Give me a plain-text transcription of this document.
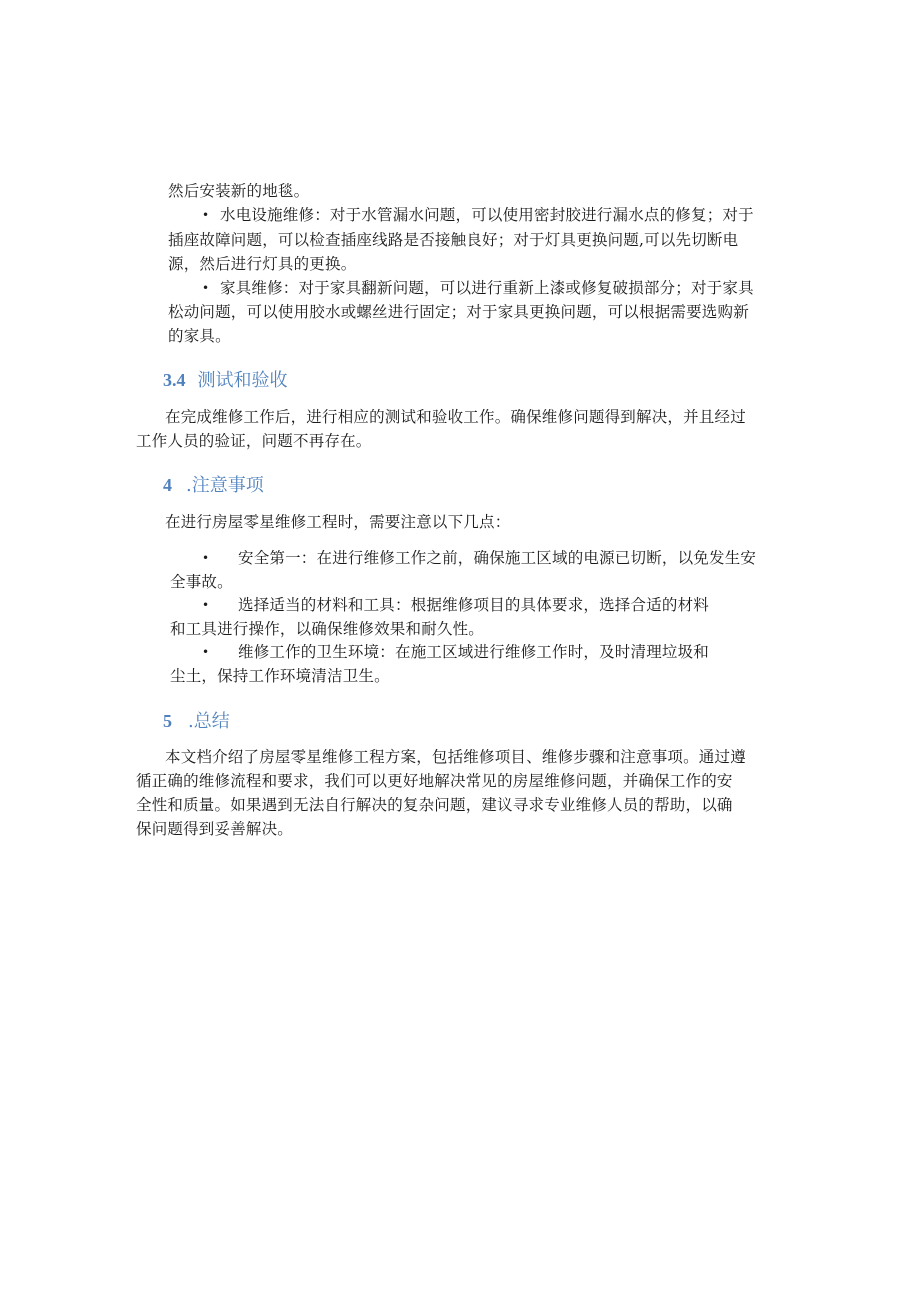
然后安装新的地毯。
• 水电设施维修：对于水管漏水问题，可以使用密封胶进行漏水点的修复；对于
插座故障问题，可以检查插座线路是否接触良好；对于灯具更换问题,可以先切断电
源，然后进行灯具的更换。
• 家具维修：对于家具翻新问题，可以进行重新上漆或修复破损部分；对于家具
松动问题，可以使用胶水或螺丝进行固定；对于家具更换问题，可以根据需要选购新
的家具。
3.4 测试和验收
在完成维修工作后，进行相应的测试和验收工作。确保维修问题得到解决，并且经过
工作人员的验证，问题不再存在。
4 .注意事项
在进行房屋零星维修工程时，需要注意以下几点：
• 安全第一：在进行维修工作之前，确保施工区域的电源已切断，以免发生安
全事故。
• 选择适当的材料和工具：根据维修项目的具体要求，选择合适的材料
和工具进行操作，以确保维修效果和耐久性。
• 维修工作的卫生环境：在施工区域进行维修工作时，及时清理垃圾和
尘土，保持工作环境清洁卫生。
5 .总结
本文档介绍了房屋零星维修工程方案，包括维修项目、维修步骤和注意事项。通过遵
循正确的维修流程和要求，我们可以更好地解决常见的房屋维修问题，并确保工作的安
全性和质量。如果遇到无法自行解决的复杂问题，建议寻求专业维修人员的帮助，以确
保问题得到妥善解决。
